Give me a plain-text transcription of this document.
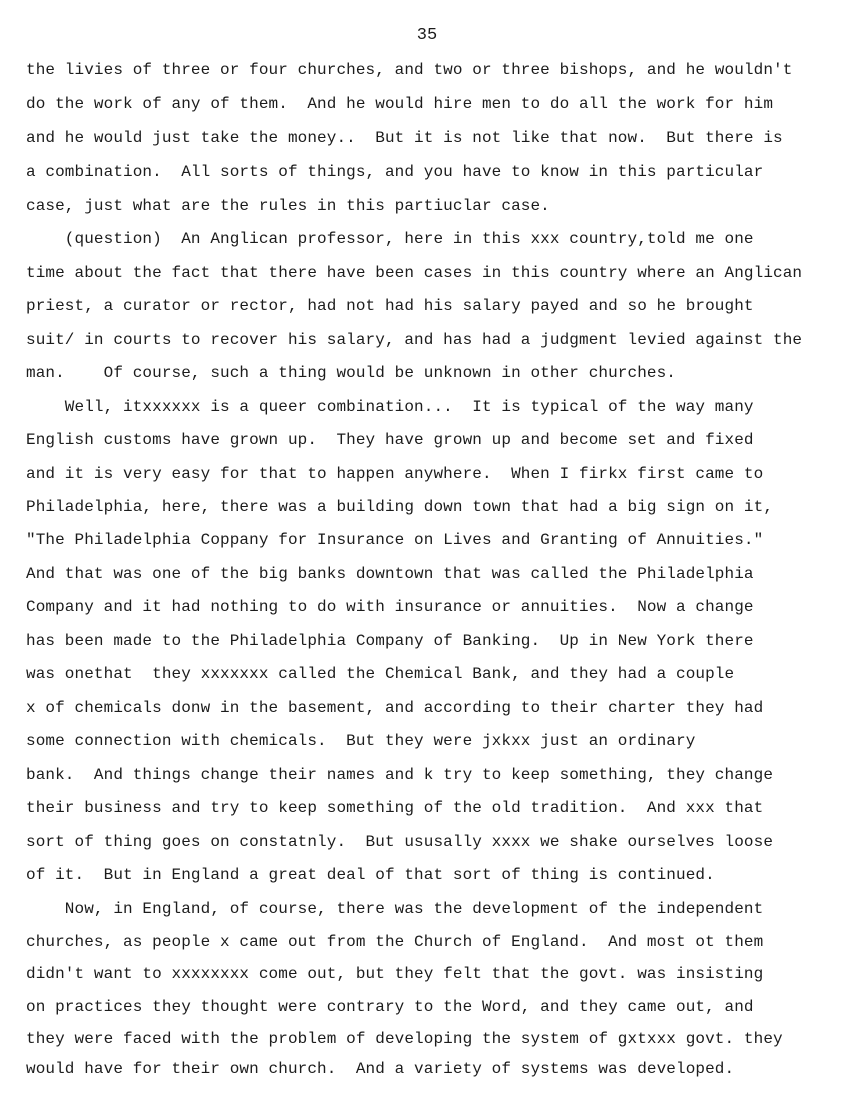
35
the livies of three or four churches, and two or three bishops, and he wouldn't
do the work of any of them.  And he would hire men to do all the work for him
and he would just take the money..  But it is not like that now.  But there is
a combination.  All sorts of things, and you have to know in this particular
case, just what are the rules in this partiuclar case.
(question)  An Anglican professor, here in this xxx country,told me one
time about the fact that there have been cases in this country where an Anglican
priest, a curator or rector, had not had his salary payed and so he brought
suit/ in courts to recover his salary, and has had a judgment levied against the
man.    Of course, such a thing would be unknown in other churches.
Well, itxxxxxx is a queer combination...  It is typical of the way many
English customs have grown up.  They have grown up and become set and fixed
and it is very easy for that to happen anywhere.  When I firkx first came to
Philadelphia, here, there was a building down town that had a big sign on it,
"The Philadelphia Coppany for Insurance on Lives and Granting of Annuities."
And that was one of the big banks downtown that was called the Philadelphia
Company and it had nothing to do with insurance or annuities.  Now a change
has been made to the Philadelphia Company of Banking.  Up in New York there
was onethat  they xxxxxxx called the Chemical Bank, and they had a couple
x of chemicals donw in the basement, and according to their charter they had
some connection with chemicals.  But they were jxkxx just an ordinary
bank.  And things change their names and k try to keep something, they change
their business and try to keep something of the old tradition.  And xxx that
sort of thing goes on constatnly.  But ususally xxxx we shake ourselves loose
of it.  But in England a great deal of that sort of thing is continued.
Now, in England, of course, there was the development of the independent
churches, as people x came out from the Church of England.  And most ot them
didn't want to xxxxxxxx come out, but they felt that the govt. was insisting
on practices they thought were contrary to the Word, and they came out, and
they were faced with the problem of developing the system of gxtxxx govt. they
would have for their own church.  And a variety of systems was developed.
